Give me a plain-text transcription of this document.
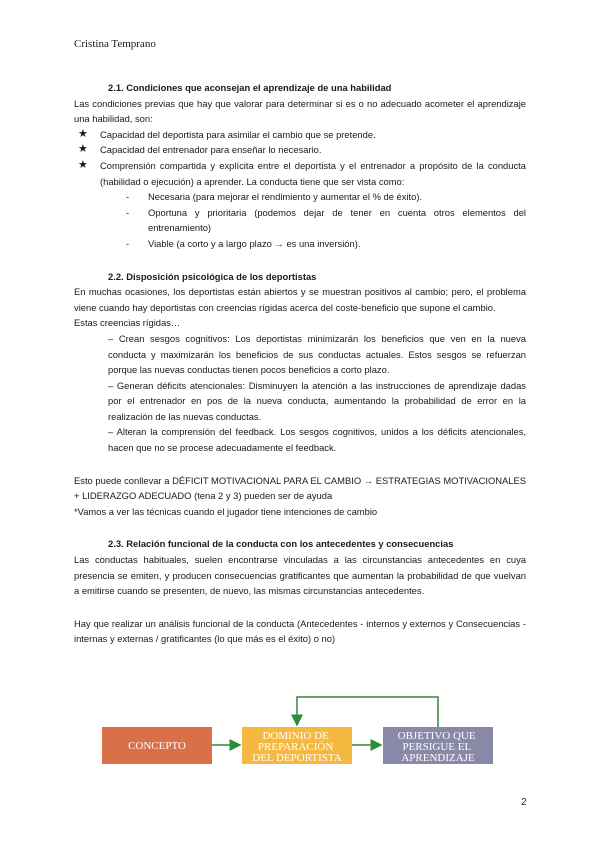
Cristina Temprano
2.1. Condiciones que aconsejan el aprendizaje de una habilidad

Las condiciones previas que hay que valorar para determinar si es o no adecuado acometer el aprendizaje una habilidad, son:

★ Capacidad del deportista para asimilar el cambio que se pretende.
★ Capacidad del entrenador para enseñar lo necesario.
★ Comprensión compartida y explícita entre el deportista y el entrenador a propósito de la conducta (habilidad o ejecución) a aprender. La conducta tiene que ser vista como:
- Necesaria (para mejorar el rendimiento y aumentar el % de éxito).
- Oportuna y prioritaria (podemos dejar de tener en cuenta otros elementos del entrenamiento)
- Viable (a corto y a largo plazo → es una inversión).
2.2. Disposición psicológica de los deportistas

En muchas ocasiones, los deportistas están abiertos y se muestran positivos al cambio; pero, el problema viene cuando hay deportistas con creencias rígidas acerca del coste-beneficio que supone el cambio.

Estas creencias rígidas…

– Crean sesgos cognitivos: Los deportistas minimizarán los beneficios que ven en la nueva conducta y maximizarán los beneficios de sus conductas actuales. Estos sesgos se refuerzan porque las nuevas conductas tienen pocos beneficios a corto plazo.

– Generan déficits atencionales: Disminuyen la atención a las instrucciones de aprendizaje dadas por el entrenador en pos de la nueva conducta, aumentando la probabilidad de error en la realización de las nuevas conductas.

– Alteran la comprensión del feedback. Los sesgos cognitivos, unidos a los déficits atencionales, hacen que no se procese adecuadamente el feedback.

Esto puede conllevar a DÉFICIT MOTIVACIONAL PARA EL CAMBIO → ESTRATEGIAS MOTIVACIONALES + LIDERAZGO ADECUADO (tena 2 y 3) pueden ser de ayuda

*Vamos a ver las técnicas cuando el jugador tiene intenciones de cambio

2.3. Relación funcional de la conducta con los antecedentes y consecuencias

Las conductas habituales, suelen encontrarse vinculadas a las circunstancias antecedentes en cuya presencia se emiten, y producen consecuencias gratificantes que aumentan la probabilidad de que vuelvan a emitirse cuando se presenten, de nuevo, las mismas circunstancias antecedentes.

Hay que realizar un análisis funcional de la conducta (Antecedentes - internos y externos y Consecuencias - internas y externas / gratificantes (lo que más es el éxito) o no)

CONCEPTO
DOMINIO DE PREPARACIÓN DEL DEPORTISTA
OBJETIVO QUE PERSIGUE EL APRENDIZAJE
2
